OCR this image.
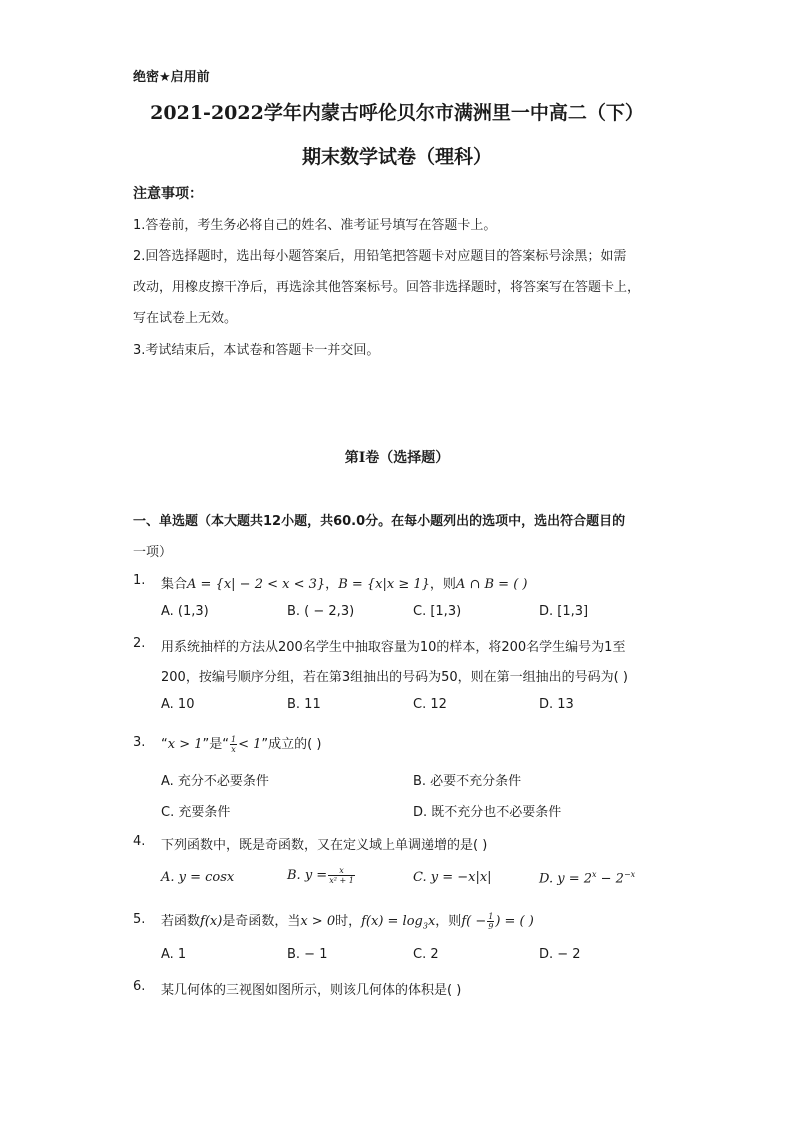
绝密★启用前
2021-2022学年内蒙古呼伦贝尔市满洲里一中高二（下）
期末数学试卷（理科）
注意事项：
1.答卷前，考生务必将自己的姓名、准考证号填写在答题卡上。
2.回答选择题时，选出每小题答案后，用铅笔把答题卡对应题目的答案标号涂黑；如需
改动，用橡皮擦干净后，再选涂其他答案标号。回答非选择题时，将答案写在答题卡上，
写在试卷上无效。
3.考试结束后，本试卷和答题卡一并交回。
第I卷（选择题）
一、单选题（本大题共12小题，共60.0分。在每小题列出的选项中，选出符合题目的
一项）
1. 集合A = {x| − 2 < x < 3}，B = {x|x ≥ 1}，则A ∩ B = ( )
A. (1,3)	B. ( − 2,3)	C. [1,3)	D. [1,3]
2. 用系统抽样的方法从200名学生中抽取容量为10的样本，将200名学生编号为1至
200，按编号顺序分组，若在第3组抽出的号码为50，则在第一组抽出的号码为( )
A. 10	B. 11	C. 12	D. 13
3. “x > 1”是“ $\frac{1}{x} < 1$”成立的( )
A. 充分不必要条件	B. 必要不充分条件
C. 充要条件	D. 既不充分也不必要条件
4. 下列函数中，既是奇函数，又在定义域上单调递增的是( )
A. y = cosx	B. $y = \frac{x}{\text{x² + 1}}$	C. y = −x|x|	D. $y = 2^x - 2^{-x}$
5. 若函数f(x)是奇函数，当x > 0时，$f(x) = \log_3x$，则$f( - \frac{1}{9}$ ) = ( )
A. 1	B. − 1	C. 2	D. − 2
6. 某几何体的三视图如图所示，则该几何体的体积是( )
